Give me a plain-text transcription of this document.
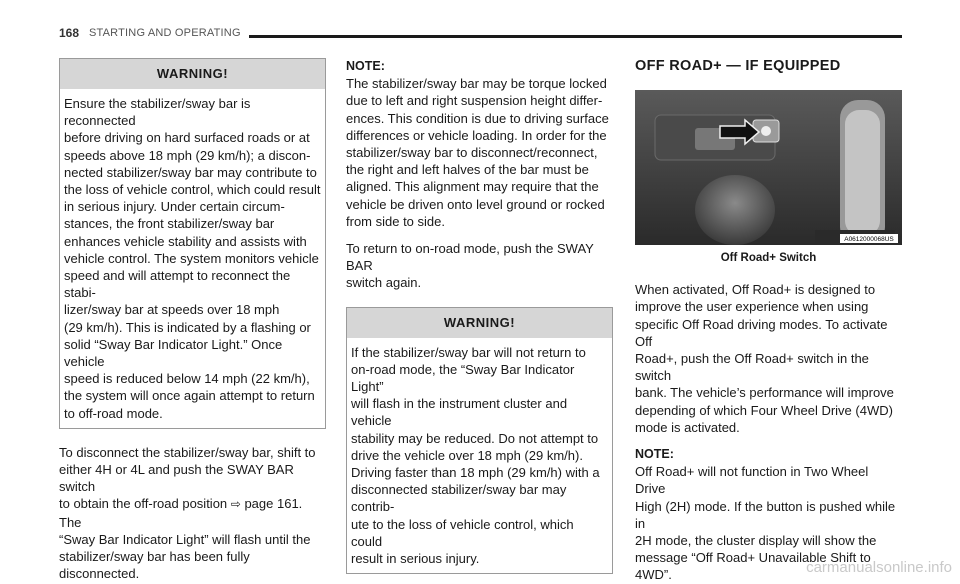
168 STARTING AND OPERATING
WARNING!
Ensure the stabilizer/sway bar is reconnected
before driving on hard surfaced roads or at
speeds above 18 mph (29 km/h); a discon-
nected stabilizer/sway bar may contribute to
the loss of vehicle control, which could result
in serious injury. Under certain circum-
stances, the front stabilizer/sway bar
enhances vehicle stability and assists with
vehicle control. The system monitors vehicle
speed and will attempt to reconnect the stabi-
lizer/sway bar at speeds over 18 mph
(29 km/h). This is indicated by a flashing or
solid “Sway Bar Indicator Light.” Once vehicle
speed is reduced below 14 mph (22 km/h),
the system will once again attempt to return
to off-road mode.
To disconnect the stabilizer/sway bar, shift to
either 4H or 4L and push the SWAY BAR switch
to obtain the off-road position ⇨ page 161. The
“Sway Bar Indicator Light” will flash until the
stabilizer/sway bar has been fully
disconnected.
NOTE:
The stabilizer/sway bar may be torque locked
due to left and right suspension height differ-
ences. This condition is due to driving surface
differences or vehicle loading. In order for the
stabilizer/sway bar to disconnect/reconnect,
the right and left halves of the bar must be
aligned. This alignment may require that the
vehicle be driven onto level ground or rocked
from side to side.
To return to on-road mode, push the SWAY BAR
switch again.
WARNING!
If the stabilizer/sway bar will not return to
on-road mode, the “Sway Bar Indicator Light”
will flash in the instrument cluster and vehicle
stability may be reduced. Do not attempt to
drive the vehicle over 18 mph (29 km/h).
Driving faster than 18 mph (29 km/h) with a
disconnected stabilizer/sway bar may contrib-
ute to the loss of vehicle control, which could
result in serious injury.
OFF ROAD+ — IF EQUIPPED
A0612000068US
Off Road+ Switch
When activated, Off Road+ is designed to
improve the user experience when using
specific Off Road driving modes. To activate Off
Road+, push the Off Road+ switch in the switch
bank. The vehicle’s performance will improve
depending of which Four Wheel Drive (4WD)
mode is activated.
NOTE:
Off Road+ will not function in Two Wheel Drive
High (2H) mode. If the button is pushed while in
2H mode, the cluster display will show the
message “Off Road+ Unavailable Shift to 4WD”.	carmanualsonline.info
